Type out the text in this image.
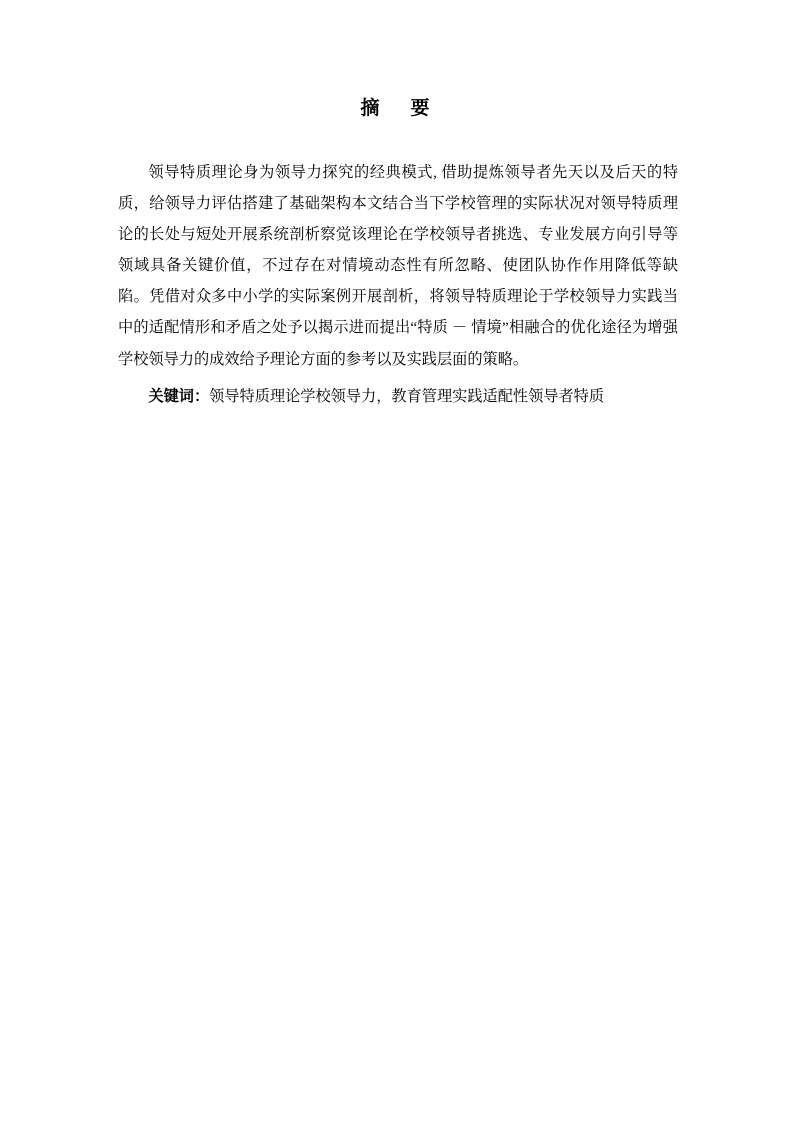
摘　要

领导特质理论身为领导力探究的经典模式, 借助提炼领导者先天以及后天的特质，给领导力评估搭建了基础架构本文结合当下学校管理的实际状况对领导特质理论的长处与短处开展系统剖析察觉该理论在学校领导者挑选、专业发展方向引导等领域具备关键价值，不过存在对情境动态性有所忽略、使团队协作作用降低等缺陷。凭借对众多中小学的实际案例开展剖析，将领导特质理论于学校领导力实践当中的适配情形和矛盾之处予以揭示进而提出“特质 － 情境”相融合的优化途径为增强学校领导力的成效给予理论方面的参考以及实践层面的策略。

关键词：领导特质理论学校领导力，教育管理实践适配性领导者特质
